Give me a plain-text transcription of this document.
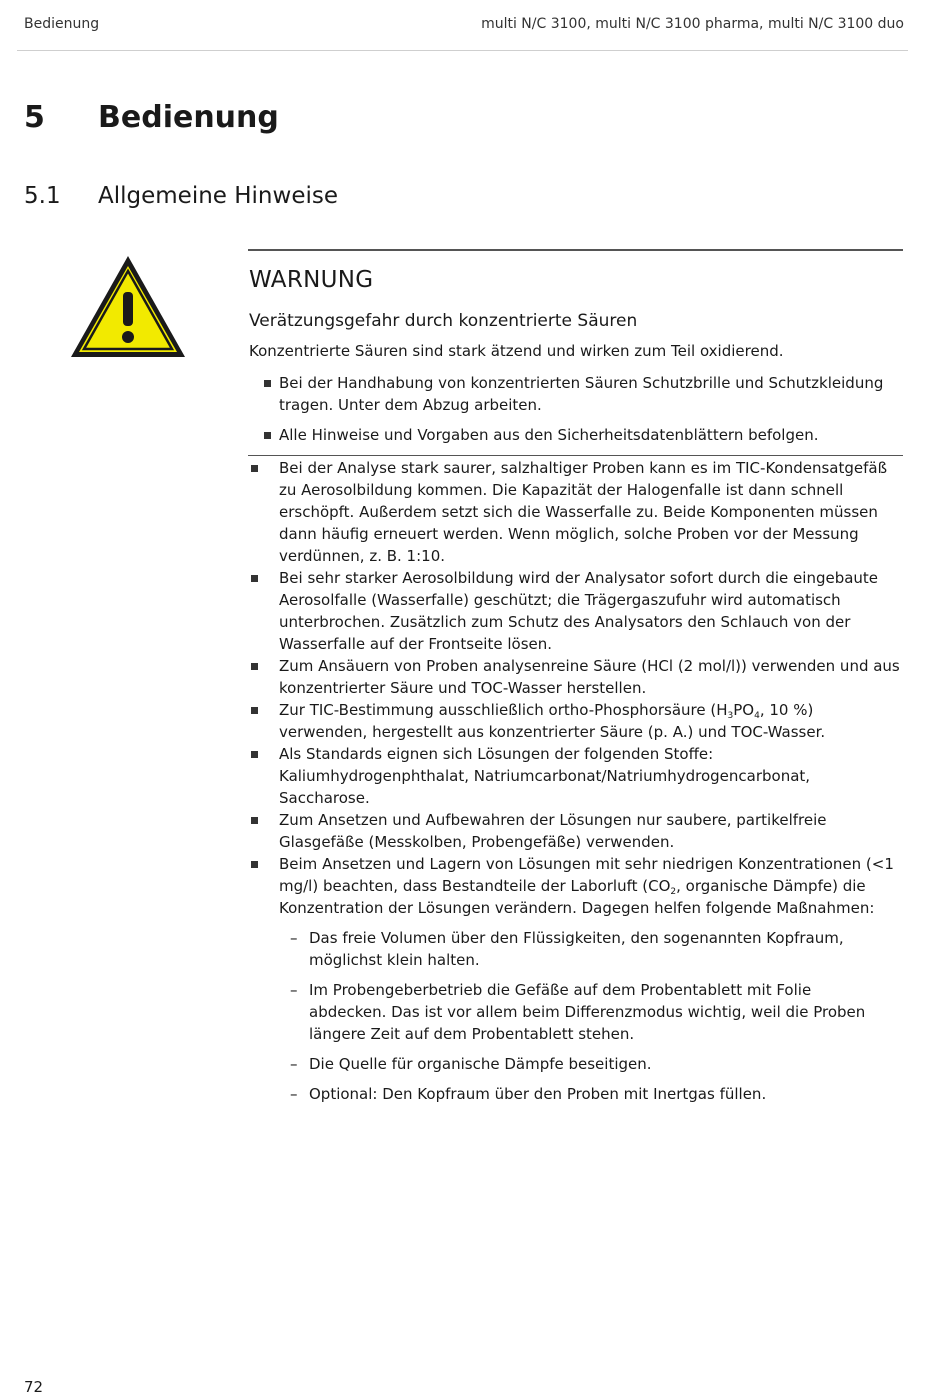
Bedienung	multi N/C 3100, multi N/C 3100 pharma, multi N/C 3100 duo
5 Bedienung
5.1 Allgemeine Hinweise
WARNUNG
Verätzungsgefahr durch konzentrierte Säuren
Konzentrierte Säuren sind stark ätzend und wirken zum Teil oxidierend.
Bei der Handhabung von konzentrierten Säuren Schutzbrille und Schutzkleidung tragen. Unter dem Abzug arbeiten.
Alle Hinweise und Vorgaben aus den Sicherheitsdatenblättern befolgen.
Bei der Analyse stark saurer, salzhaltiger Proben kann es im TIC-Kondensatgefäß zu Aerosolbildung kommen. Die Kapazität der Halogenfalle ist dann schnell erschöpft. Außerdem setzt sich die Wasserfalle zu. Beide Komponenten müssen dann häufig erneuert werden. Wenn möglich, solche Proben vor der Messung verdünnen, z. B. 1:10.
Bei sehr starker Aerosolbildung wird der Analysator sofort durch die eingebaute Aerosolfalle (Wasserfalle) geschützt; die Trägergaszufuhr wird automatisch unterbrochen. Zusätzlich zum Schutz des Analysators den Schlauch von der Wasserfalle auf der Frontseite lösen.
Zum Ansäuern von Proben analysenreine Säure (HCl (2 mol/l)) verwenden und aus konzentrierter Säure und TOC-Wasser herstellen.
Zur TIC-Bestimmung ausschließlich ortho-Phosphorsäure ($H_3PO_4$, 10 %) verwenden, hergestellt aus konzentrierter Säure (p. A.) und TOC-Wasser.
Als Standards eignen sich Lösungen der folgenden Stoffe: Kaliumhydrogenphthalat, Natriumcarbonat/Natriumhydrogencarbonat, Saccharose.
Zum Ansetzen und Aufbewahren der Lösungen nur saubere, partikelfreie Glasgefäße (Messkolben, Probengefäße) verwenden.
Beim Ansetzen und Lagern von Lösungen mit sehr niedrigen Konzentrationen (<1 mg/l) beachten, dass Bestandteile der Laborluft ($CO_2$, organische Dämpfe) die Konzentration der Lösungen verändern. Dagegen helfen folgende Maßnahmen:
– Das freie Volumen über den Flüssigkeiten, den sogenannten Kopfraum, möglichst klein halten.
– Im Probengeberbetrieb die Gefäße auf dem Probentablett mit Folie abdecken. Das ist vor allem beim Differenzmodus wichtig, weil die Proben längere Zeit auf dem Probentablett stehen.
– Die Quelle für organische Dämpfe beseitigen.
– Optional: Den Kopfraum über den Proben mit Inertgas füllen.
72
